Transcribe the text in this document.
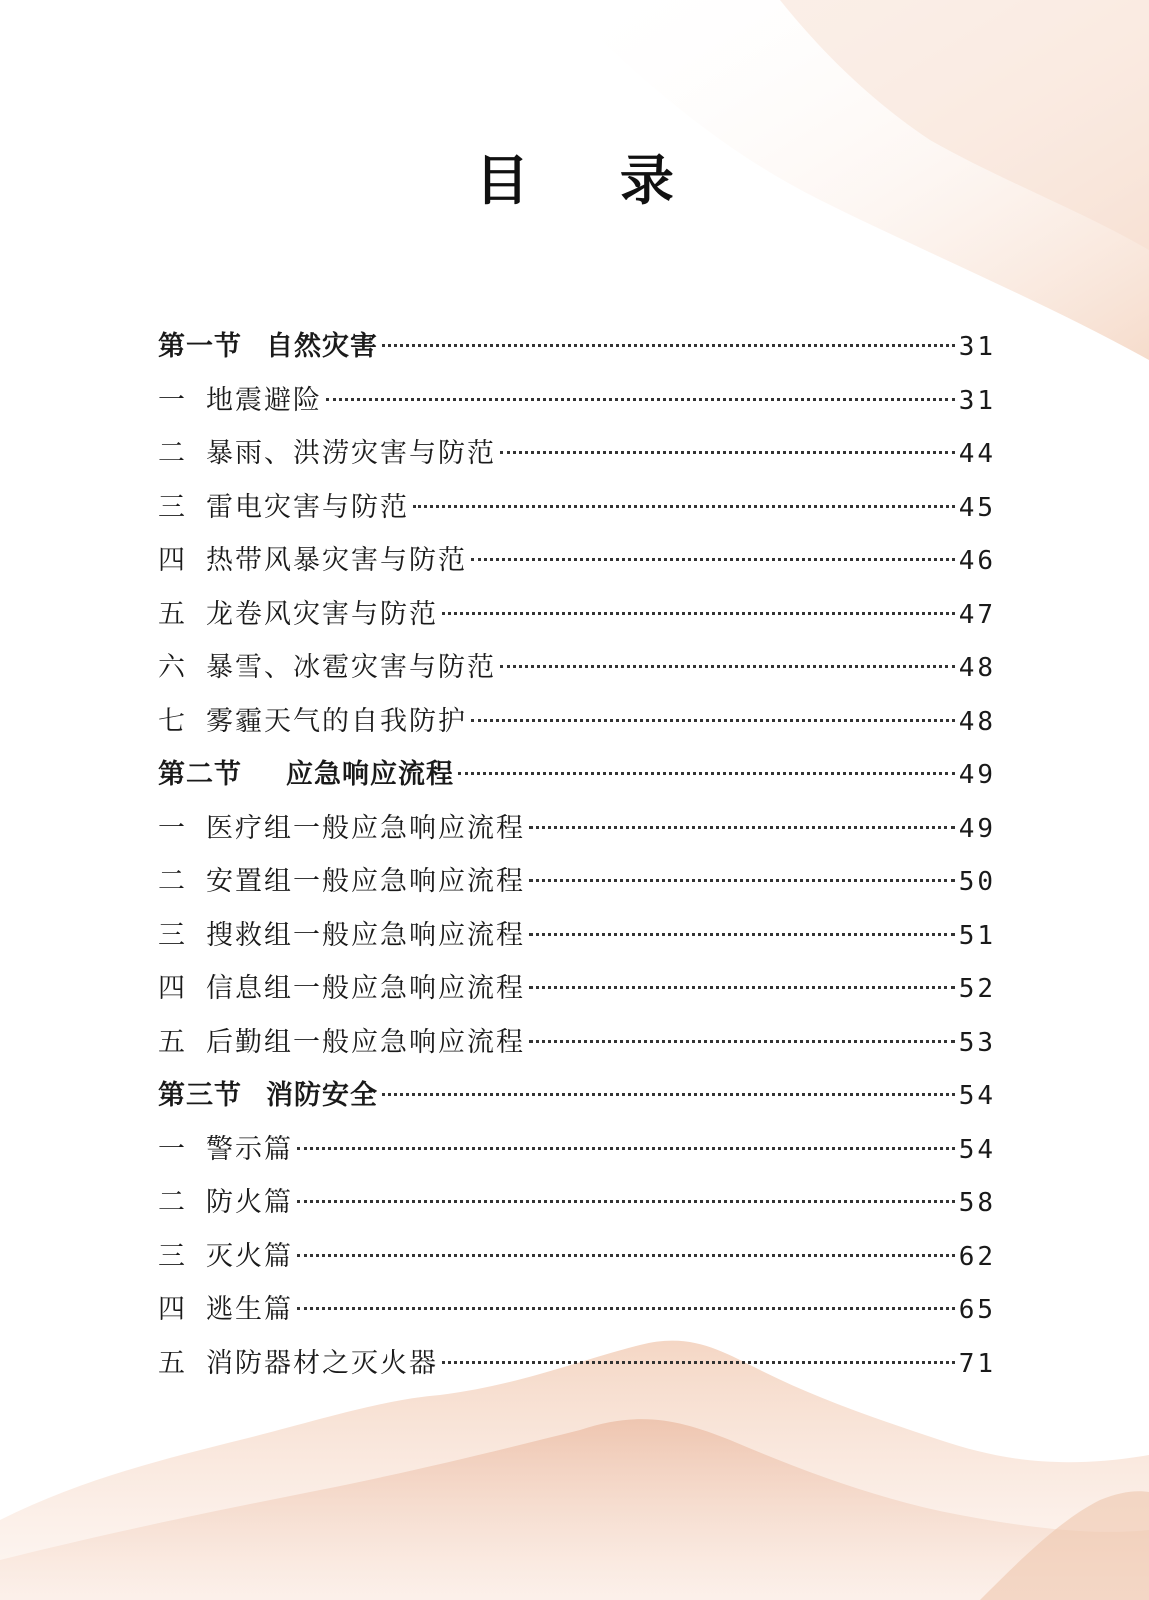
目 录
第一节 自然灾害	31
一 地震避险	31
二 暴雨、洪涝灾害与防范	44
三 雷电灾害与防范	45
四 热带风暴灾害与防范	46
五 龙卷风灾害与防范	47
六 暴雪、冰雹灾害与防范	48
七 雾霾天气的自我防护	48
第二节 应急响应流程	49
一 医疗组一般应急响应流程	49
二 安置组一般应急响应流程	50
三 搜救组一般应急响应流程	51
四 信息组一般应急响应流程	52
五 后勤组一般应急响应流程	53
第三节 消防安全	54
一 警示篇	54
二 防火篇	58
三 灭火篇	62
四 逃生篇	65
五 消防器材之灭火器	71
